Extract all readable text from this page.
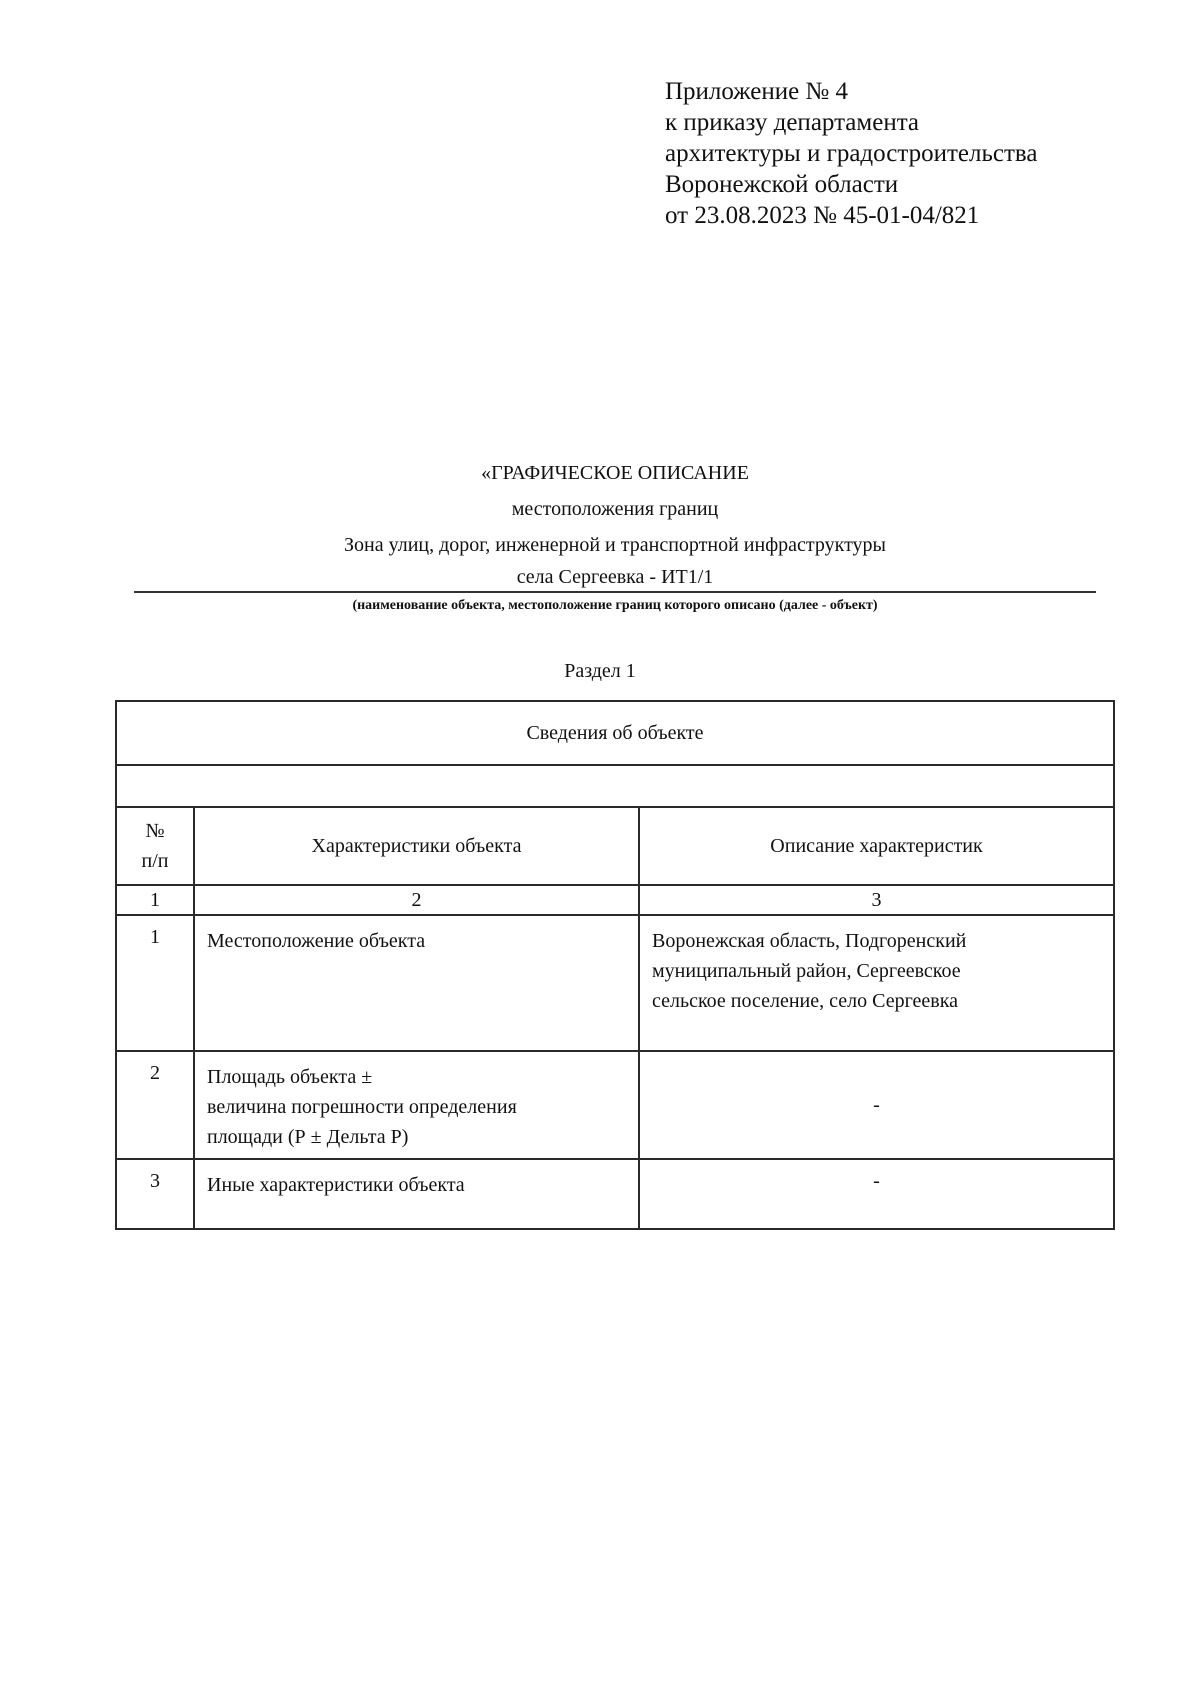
Приложение № 4
к приказу департамента
архитектуры и градостроительства
Воронежской области
от 23.08.2023 № 45-01-04/821
«ГРАФИЧЕСКОЕ ОПИСАНИЕ
местоположения границ
Зона улиц, дорог, инженерной и транспортной инфраструктуры
села Сергеевка - ИТ1/1
(наименование объекта, местоположение границ которого описано (далее - объект)
Раздел 1
Сведения об объекте		

№
п/п	Характеристики объекта	Описание характеристик
1	2	3
1	Местоположение объекта	Воронежская область, Подгоренский
муниципальный район, Сергеевское
сельское поселение, село Сергеевка

2	Площадь объекта ±
величина погрешности определения
площади (Р ± Дельта Р)	-
3	Иные характеристики объекта	-
